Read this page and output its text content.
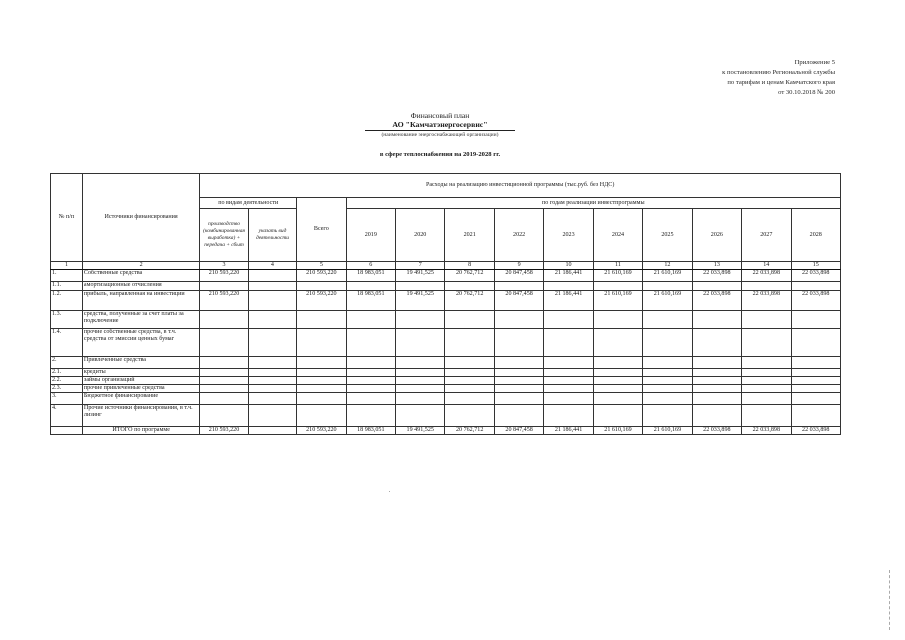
Приложение 5
к постановлению Региональной службы
по тарифам и ценам Камчатского края
от 30.10.2018 № 200
Финансовый план
АО "Камчатэнергосервис"
(наименование энергоснабжающей организации)
в сфере теплоснабжения на 2019-2028 гг.
№ п/п	Источники финансирования	Расходы на реализацию инвестиционной программы (тыс.руб. без НДС)												
		по видам деятельности		Всего	по годам реализации инвестпрограммы									
		производство (комбинированная выработка) + передача + сбыт	указать вид деятельности		2019	2020	2021	2022	2023	2024	2025	2026	2027	2028
1	2	3	4	5	6	7	8	9	10	11	12	13	14	15
1.	Собственные средства	210 593,220		210 593,220	18 983,051	19 491,525	20 762,712	20 847,458	21 186,441	21 610,169	21 610,169	22 033,898	22 033,898	22 033,898
1.1.	амортизационные отчисления													
1.2.	прибыль, направленная на инвестиции	210 593,220		210 593,220	18 983,051	19 491,525	20 762,712	20 847,458	21 186,441	21 610,169	21 610,169	22 033,898	22 033,898	22 033,898
1.3.	средства, полученные за счет платы за подключение													
1.4.	прочие собственные средства, в т.ч. средства от эмиссии ценных бумаг													
2.	Привлеченные средства													
2.1.	кредиты													
2.2.	займы организаций													
2.3.	прочие привлеченные средства													
3.	Бюджетное финансирование													
4.	Прочие источники финансирования, в т.ч. лизинг													
	ИТОГО по программе	210 593,220		210 593,220	18 983,051	19 491,525	20 762,712	20 847,458	21 186,441	21 610,169	21 610,169	22 033,898	22 033,898	22 033,898
